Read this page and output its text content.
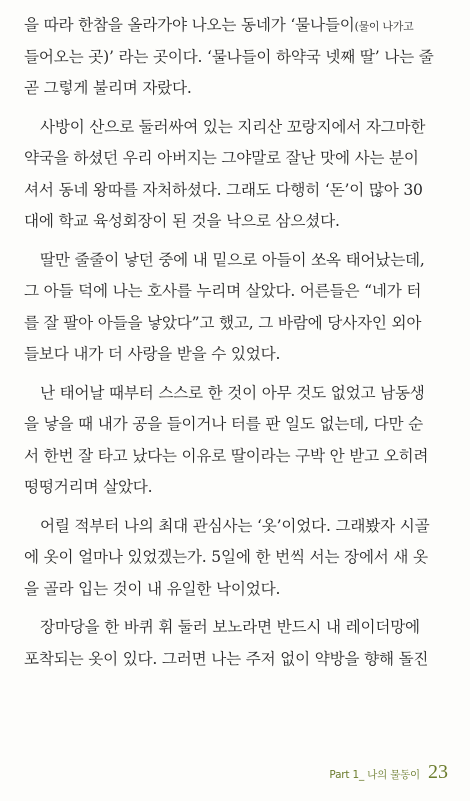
을 따라 한참을 올라가야 나오는 동네가 ‘물나들이(물이 나가고
들어오는 곳)’ 라는 곳이다. ‘물나들이 하약국 넷째 딸’ 나는 줄
곧 그렇게 불리며 자랐다.
사방이 산으로 둘러싸여 있는 지리산 꼬랑지에서 자그마한
약국을 하셨던 우리 아버지는 그야말로 잘난 맛에 사는 분이
셔서 동네 왕따를 자처하셨다. 그래도 다행히 ‘돈’이 많아 30
대에 학교 육성회장이 된 것을 낙으로 삼으셨다.
딸만 줄줄이 낳던 중에 내 밑으로 아들이 쏘옥 태어났는데,
그 아들 덕에 나는 호사를 누리며 살았다. 어른들은 “네가 터
를 잘 팔아 아들을 낳았다”고 했고, 그 바람에 당사자인 외아
들보다 내가 더 사랑을 받을 수 있었다.
난 태어날 때부터 스스로 한 것이 아무 것도 없었고 남동생
을 낳을 때 내가 공을 들이거나 터를 판 일도 없는데, 다만 순
서 한번 잘 타고 났다는 이유로 딸이라는 구박 안 받고 오히려
떵떵거리며 살았다.
어릴 적부터 나의 최대 관심사는 ‘옷’이었다. 그래봤자 시골
에 옷이 얼마나 있었겠는가. 5일에 한 번씩 서는 장에서 새 옷
을 골라 입는 것이 내 유일한 낙이었다.
장마당을 한 바퀴 휘 둘러 보노라면 반드시 내 레이더망에
포착되는 옷이 있다. 그러면 나는 주저 없이 약방을 향해 돌진
Part 1_ 나의 물동이 23
